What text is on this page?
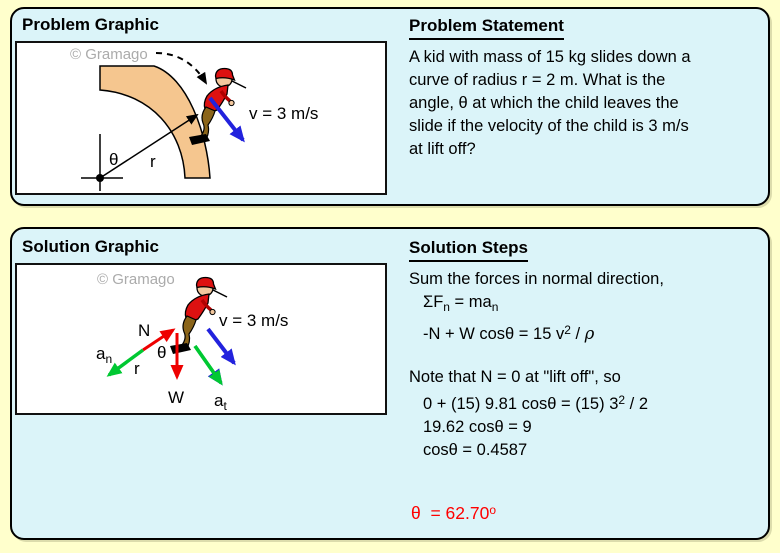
Problem Graphic
© Gramago
θ r
v = 3 m/s
Problem Statement
A kid with mass of 15 kg slides down a
curve of radius r = 2 m. What is the
angle, θ at which the child leaves the
slide if the velocity of the child is 3 m/s
at lift off?
Solution Graphic
© Gramago
N
$a_n$	θ
r
W $a_t$
v = 3 m/s
Solution Steps
Sum the forces in normal direction,
$\Sigma F_n = ma_n$
-N + W cosθ = 15 $v^2$ / ρ
Note that N = 0 at "lift off", so
0 + (15) 9.81 cosθ = (15) $3^2 / 2$
19.62 cosθ = 9
cosθ = 0.4587
$\theta = 62.70^o$
